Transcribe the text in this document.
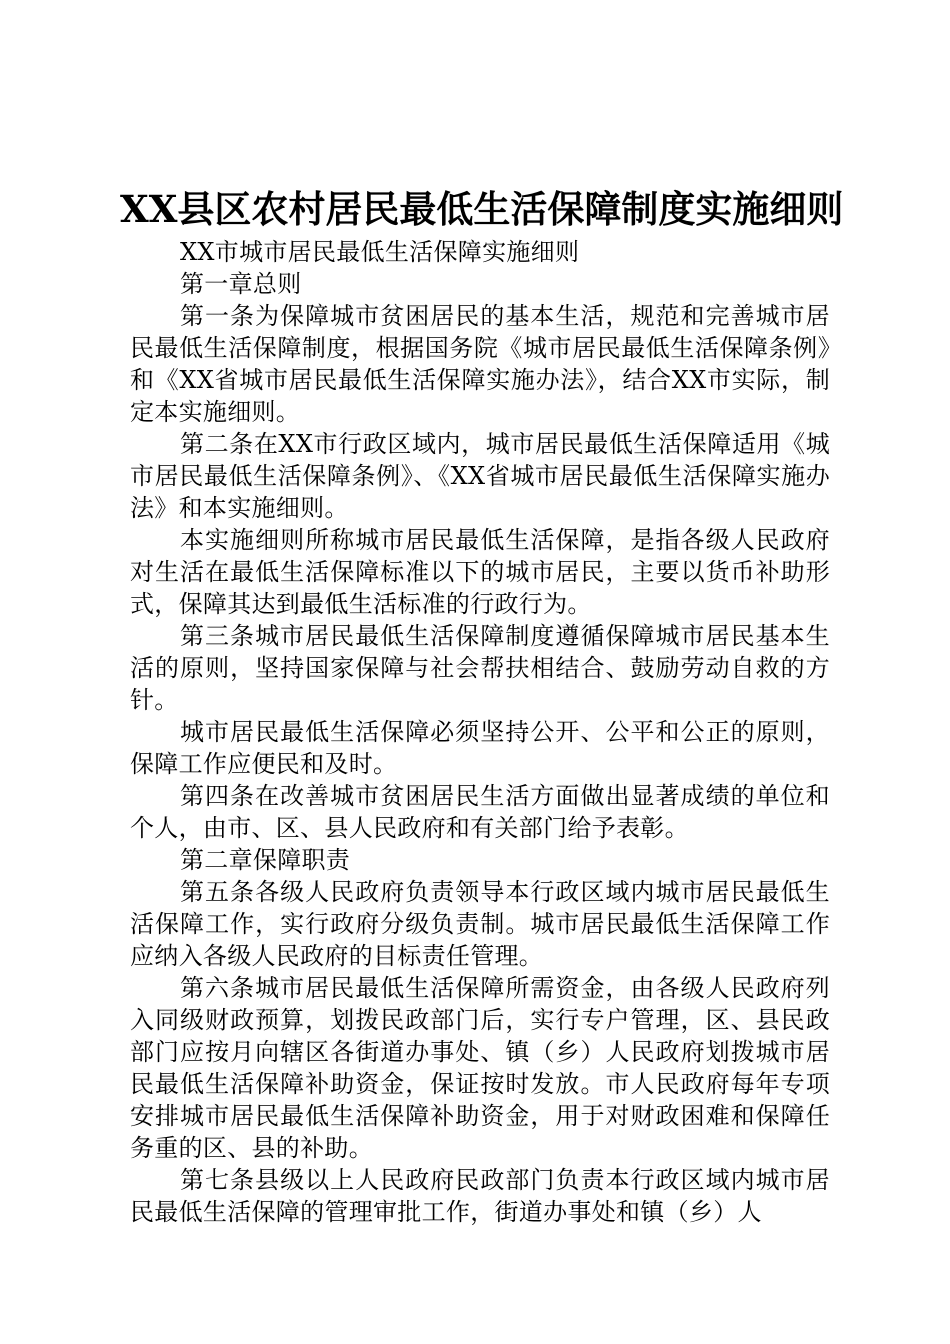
XX县区农村居民最低生活保障制度实施细则

XX市城市居民最低生活保障实施细则

第一章总则

第一条为保障城市贫困居民的基本生活，规范和完善城市居民最低生活保障制度，根据国务院《城市居民最低生活保障条例》和《XX省城市居民最低生活保障实施办法》，结合XX市实际，制定本实施细则。

第二条在XX市行政区域内，城市居民最低生活保障适用《城市居民最低生活保障条例》、《XX省城市居民最低生活保障实施办法》和本实施细则。

本实施细则所称城市居民最低生活保障，是指各级人民政府对生活在最低生活保障标准以下的城市居民，主要以货币补助形式，保障其达到最低生活标准的行政行为。

第三条城市居民最低生活保障制度遵循保障城市居民基本生活的原则，坚持国家保障与社会帮扶相结合、鼓励劳动自救的方针。

城市居民最低生活保障必须坚持公开、公平和公正的原则，保障工作应便民和及时。

第四条在改善城市贫困居民生活方面做出显著成绩的单位和个人，由市、区、县人民政府和有关部门给予表彰。

第二章保障职责

第五条各级人民政府负责领导本行政区域内城市居民最低生活保障工作，实行政府分级负责制。城市居民最低生活保障工作应纳入各级人民政府的目标责任管理。

第六条城市居民最低生活保障所需资金，由各级人民政府列入同级财政预算，划拨民政部门后，实行专户管理，区、县民政部门应按月向辖区各街道办事处、镇（乡）人民政府划拨城市居民最低生活保障补助资金，保证按时发放。市人民政府每年专项安排城市居民最低生活保障补助资金，用于对财政困难和保障任务重的区、县的补助。

第七条县级以上人民政府民政部门负责本行政区域内城市居民最低生活保障的管理审批工作，街道办事处和镇（乡）人
